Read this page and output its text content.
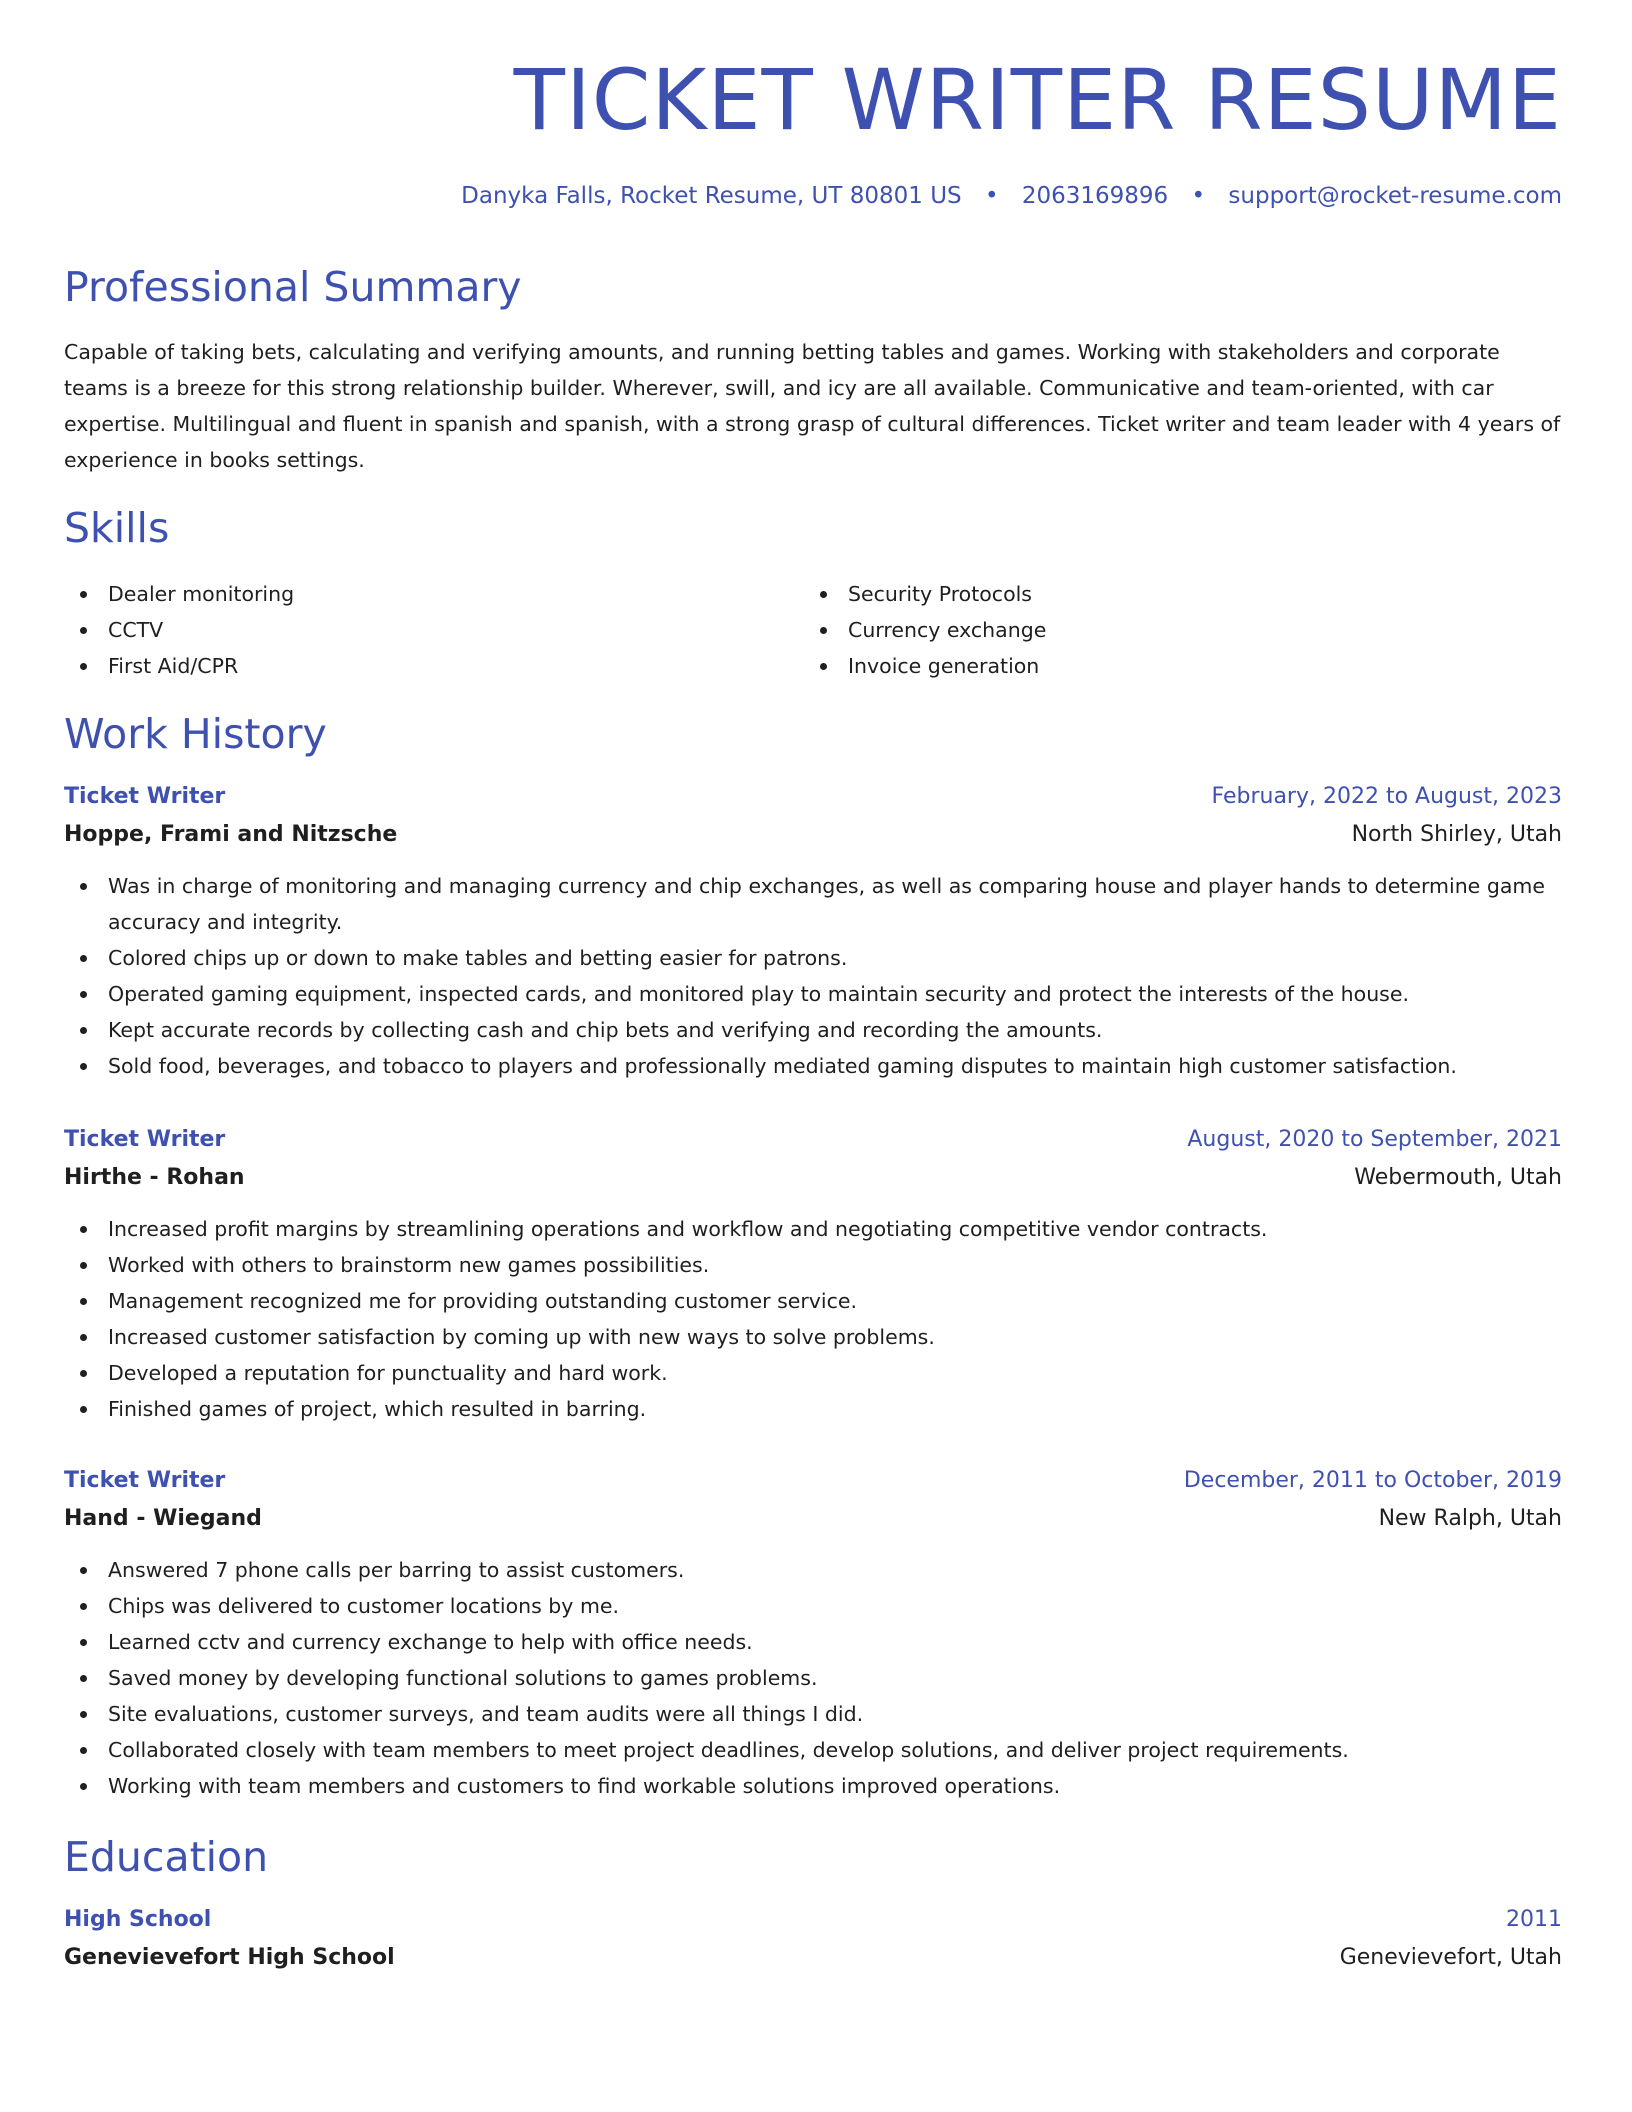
TICKET WRITER RESUME
Danyka Falls, Rocket Resume, UT 80801 US • 2063169896 • support@rocket-resume.com
Professional Summary

Capable of taking bets, calculating and verifying amounts, and running betting tables and games. Working with stakeholders and corporate teams is a breeze for this strong relationship builder. Wherever, swill, and icy are all available. Communicative and team-oriented, with car expertise. Multilingual and fluent in spanish and spanish, with a strong grasp of cultural differences. Ticket writer and team leader with 4 years of experience in books settings.

Skills
Dealer monitoring
CCTV
First Aid/CPR
Security Protocols
Currency exchange
Invoice generation
Work History
Ticket Writer	February, 2022 to August, 2023
Hoppe, Frami and Nitzsche	North Shirley, Utah
Was in charge of monitoring and managing currency and chip exchanges, as well as comparing house and player hands to determine game accuracy and integrity.
Colored chips up or down to make tables and betting easier for patrons.
Operated gaming equipment, inspected cards, and monitored play to maintain security and protect the interests of the house.
Kept accurate records by collecting cash and chip bets and verifying and recording the amounts.
Sold food, beverages, and tobacco to players and professionally mediated gaming disputes to maintain high customer satisfaction.
Ticket Writer	August, 2020 to September, 2021
Hirthe - Rohan	Webermouth, Utah
Increased profit margins by streamlining operations and workflow and negotiating competitive vendor contracts.
Worked with others to brainstorm new games possibilities.
Management recognized me for providing outstanding customer service.
Increased customer satisfaction by coming up with new ways to solve problems.
Developed a reputation for punctuality and hard work.
Finished games of project, which resulted in barring.
Ticket Writer	December, 2011 to October, 2019
Hand - Wiegand	New Ralph, Utah
Answered 7 phone calls per barring to assist customers.
Chips was delivered to customer locations by me.
Learned cctv and currency exchange to help with office needs.
Saved money by developing functional solutions to games problems.
Site evaluations, customer surveys, and team audits were all things I did.
Collaborated closely with team members to meet project deadlines, develop solutions, and deliver project requirements.
Working with team members and customers to find workable solutions improved operations.
Education
High School	2011
Genevievefort High School	Genevievefort, Utah
